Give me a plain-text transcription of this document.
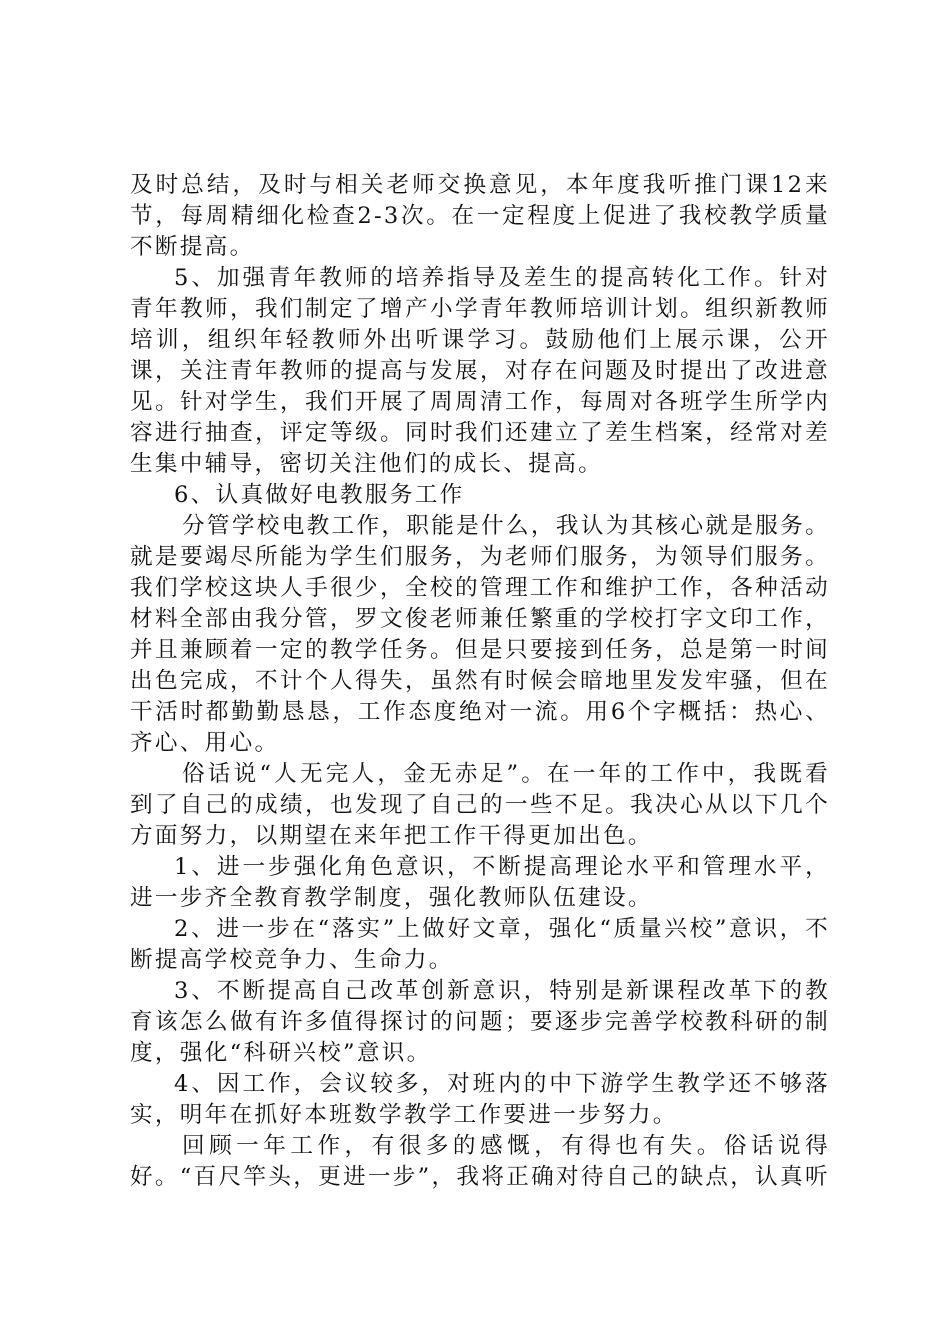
及时总结，及时与相关老师交换意见，本年度我听推门课12来节，每周精细化检查2-3次。在一定程度上促进了我校教学质量不断提高。

5、加强青年教师的培养指导及差生的提高转化工作。针对青年教师，我们制定了增产小学青年教师培训计划。组织新教师培训，组织年轻教师外出听课学习。鼓励他们上展示课，公开课，关注青年教师的提高与发展，对存在问题及时提出了改进意见。针对学生，我们开展了周周清工作，每周对各班学生所学内容进行抽查，评定等级。同时我们还建立了差生档案，经常对差生集中辅导，密切关注他们的成长、提高。

6、认真做好电教服务工作

分管学校电教工作，职能是什么，我认为其核心就是服务。就是要竭尽所能为学生们服务，为老师们服务，为领导们服务。我们学校这块人手很少，全校的管理工作和维护工作，各种活动材料全部由我分管，罗文俊老师兼任繁重的学校打字文印工作，并且兼顾着一定的教学任务。但是只要接到任务，总是第一时间出色完成，不计个人得失，虽然有时候会暗地里发发牢骚，但在干活时都勤勤恳恳，工作态度绝对一流。用6个字概括：热心、齐心、用心。

俗话说“人无完人，金无赤足”。在一年的工作中，我既看到了自己的成绩，也发现了自己的一些不足。我决心从以下几个方面努力，以期望在来年把工作干得更加出色。

1、进一步强化角色意识，不断提高理论水平和管理水平，进一步齐全教育教学制度，强化教师队伍建设。

2、进一步在“落实”上做好文章，强化“质量兴校”意识，不断提高学校竞争力、生命力。

3、不断提高自己改革创新意识，特别是新课程改革下的教育该怎么做有许多值得探讨的问题；要逐步完善学校教科研的制度，强化“科研兴校”意识。

4、因工作，会议较多，对班内的中下游学生教学还不够落实，明年在抓好本班数学教学工作要进一步努力。

回顾一年工作，有很多的感慨，有得也有失。俗话说得好。“百尺竿头，更进一步”，我将正确对待自己的缺点，认真听
